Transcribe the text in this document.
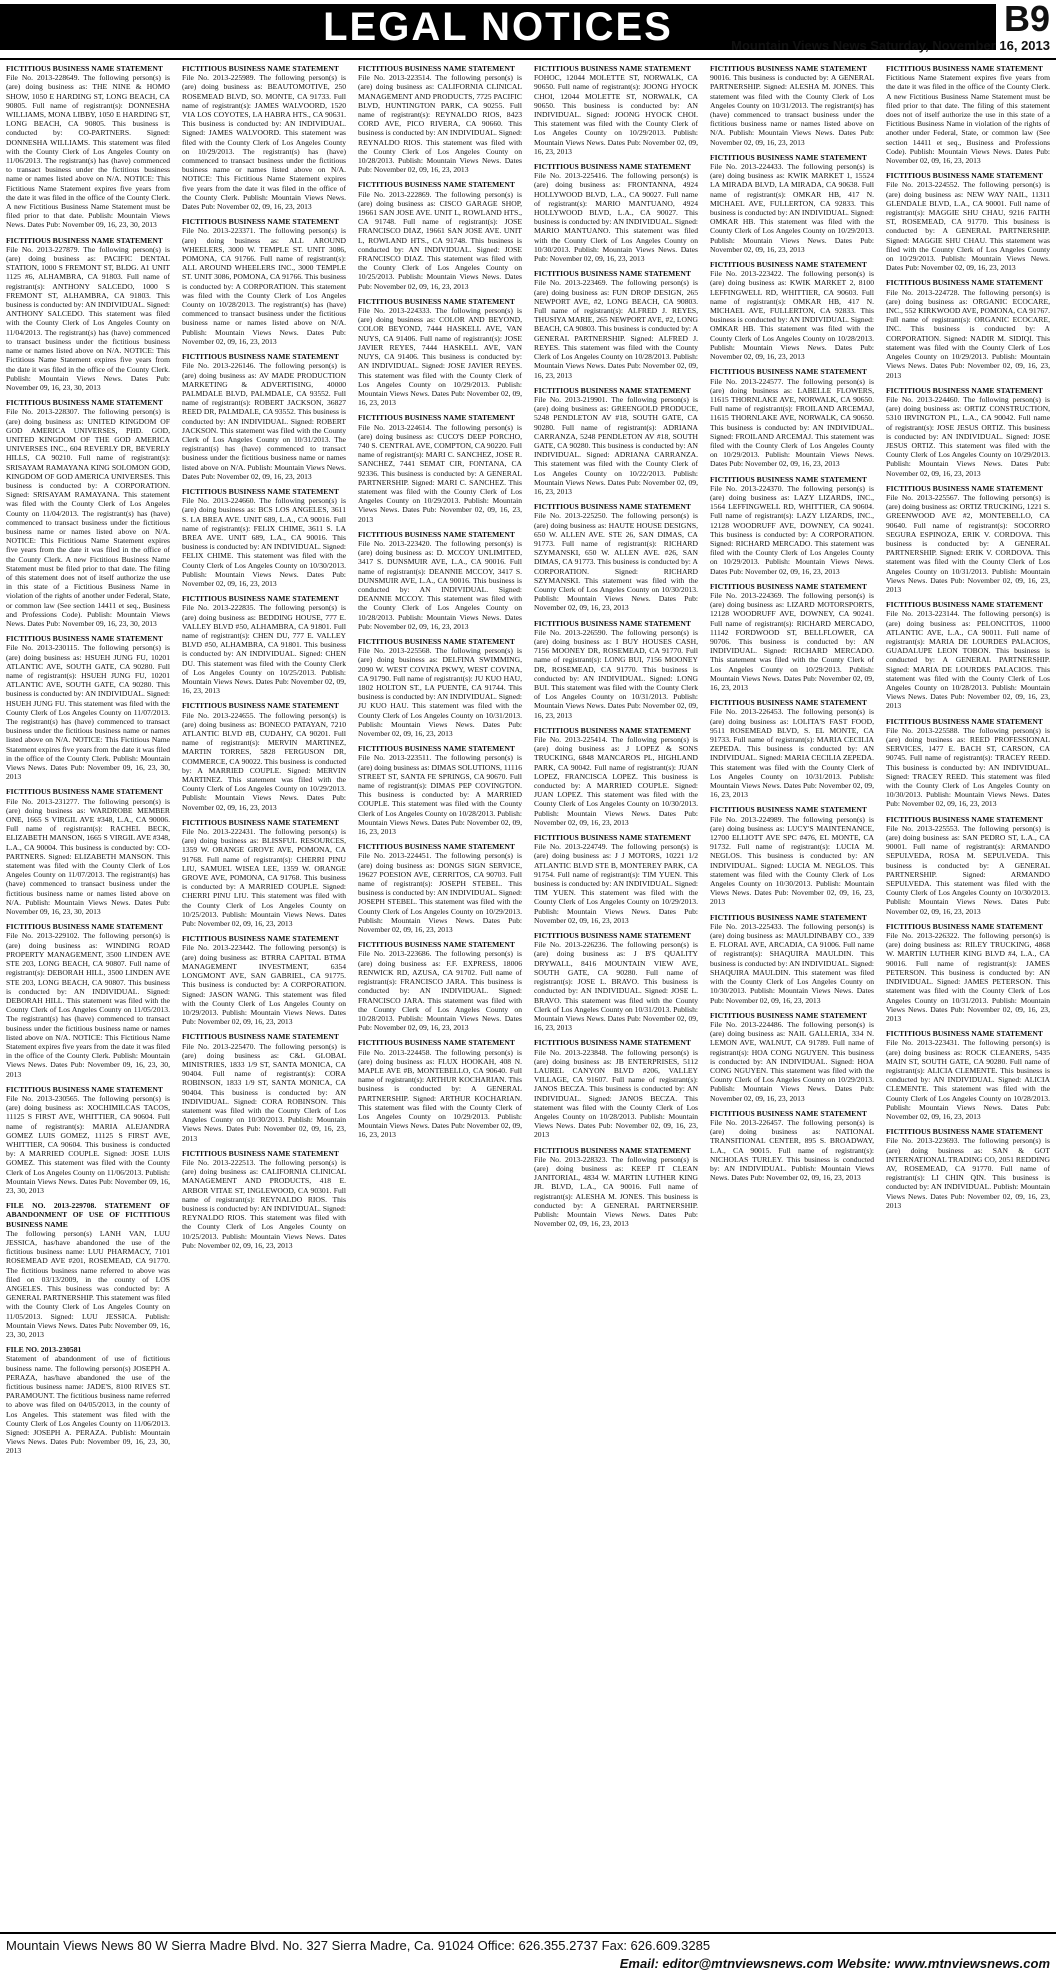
LEGAL NOTICES	B9
Mountain Views News Saturday, November 16, 2013
FICTITIOUS BUSINESS NAME STATEMENT
File No. 2013-228649. The following person(s) is (are) doing business as: THE NINE & HOMO SHOW, 1050 E HARDING ST, LONG BEACH, CA 90805. Full name of registrant(s): DONNESHA WILLIAMS, MONA LIBBY, 1050 E HARDING ST, LONG BEACH, CA 90805. This business is conducted by: CO-PARTNERS. Signed: DONNESHA WILLIAMS. This statement was filed with the County Clerk of Los Angeles County on 11/06/2013. The registrant(s) has (have) commenced to transact business under the fictitious business name or names listed above on N/A. NOTICE: This Fictitious Name Statement expires five years from the date it was filed in the office of the County Clerk. A new Fictitious Business Name Statement must be filed prior to that date. Publish: Mountain Views News. Dates Pub: November 09, 16, 23, 30, 2013
FICTITIOUS BUSINESS NAME STATEMENT
File No. 2013-227879. The following person(s) is (are) doing business as: PACIFIC DENTAL STATION, 1000 S FREMONT ST, BLDG. A1 UNIT 1125 #6, ALHAMBRA, CA 91803. Full name of registrant(s): ANTHONY SALCEDO, 1000 S FREMONT ST, ALHAMBRA, CA 91803. This business is conducted by: AN INDIVIDUAL. Signed: ANTHONY SALCEDO. This statement was filed with the County Clerk of Los Angeles County on 11/04/2013. The registrant(s) has (have) commenced to transact business under the fictitious business name or names listed above on N/A. NOTICE: This Fictitious Name Statement expires five years from the date it was filed in the office of the County Clerk. Publish: Mountain Views News. Dates Pub: November 09, 16, 23, 30, 2013
FICTITIOUS BUSINESS NAME STATEMENT
File No. 2013-228307. The following person(s) is (are) doing business as: UNITED KINGDOM OF GOD AMERICA UNIVERSES, PHD. GOD, UNITED KINGDOM OF THE GOD AMERICA UNIVERSES INC., 604 REVERLY DR, BEVERLY HILLS, CA 90210. Full name of registrant(s): SRISAYAM RAMAYANA KING SOLOMON GOD, KINGDOM OF GOD AMERICA UNIVERSES. This business is conducted by: A CORPORATION. Signed: SRISAYAM RAMAYANA. This statement was filed with the County Clerk of Los Angeles County on 11/04/2013. The registrant(s) has (have) commenced to transact business under the fictitious business name or names listed above on N/A. NOTICE: This Fictitious Name Statement expires five years from the date it was filed in the office of the County Clerk. A new Fictitious Business Name Statement must be filed prior to that date. The filing of this statement does not of itself authorize the use in this state of a Fictitious Business Name in violation of the rights of another under Federal, State, or common law (See section 14411 et seq., Business and Professions Code). Publish: Mountain Views News. Dates Pub: November 09, 16, 23, 30, 2013
FICTITIOUS BUSINESS NAME STATEMENT
File No. 2013-230115. The following person(s) is (are) doing business as: HSUEH JUNG FU, 10201 ATLANTIC AVE, SOUTH GATE, CA 90280. Full name of registrant(s): HSUEH JUNG FU, 10201 ATLANTIC AVE, SOUTH GATE, CA 90280. This business is conducted by: AN INDIVIDUAL. Signed: HSUEH JUNG FU. This statement was filed with the County Clerk of Los Angeles County on 11/07/2013. The registrant(s) has (have) commenced to transact business under the fictitious business name or names listed above on N/A. NOTICE: This Fictitious Name Statement expires five years from the date it was filed in the office of the County Clerk. Publish: Mountain Views News. Dates Pub: November 09, 16, 23, 30, 2013
FICTITIOUS BUSINESS NAME STATEMENT
File No. 2013-231277. The following person(s) is (are) doing business as: WARDROBE MEMBER ONE, 1665 S VIRGIL AVE #348, L.A., CA 90006. Full name of registrant(s): RACHEL BECK, ELIZABETH MANSON, 1665 S VIRGIL AVE #348, L.A., CA 90004. This business is conducted by: CO-PARTNERS. Signed: ELIZABETH MANSON. This statement was filed with the County Clerk of Los Angeles County on 11/07/2013. The registrant(s) has (have) commenced to transact business under the fictitious business name or names listed above on N/A. Publish: Mountain Views News. Dates Pub: November 09, 16, 23, 30, 2013
FICTITIOUS BUSINESS NAME STATEMENT
File No. 2013-229102. The following person(s) is (are) doing business as: WINDING ROAD PROPERTY MANAGEMENT, 3500 LINDEN AVE STE 203, LONG BEACH, CA 90807. Full name of registrant(s): DEBORAH HILL, 3500 LINDEN AVE STE 203, LONG BEACH, CA 90807. This business is conducted by: AN INDIVIDUAL. Signed: DEBORAH HILL. This statement was filed with the County Clerk of Los Angeles County on 11/05/2013. The registrant(s) has (have) commenced to transact business under the fictitious business name or names listed above on N/A. NOTICE: This Fictitious Name Statement expires five years from the date it was filed in the office of the County Clerk. Publish: Mountain Views News. Dates Pub: November 09, 16, 23, 30, 2013
FICTITIOUS BUSINESS NAME STATEMENT
File No. 2013-230565. The following person(s) is (are) doing business as: XOCHIMILCAS TACOS, 11125 S FIRST AVE, WHITTIER, CA 90604. Full name of registrant(s): MARIA ALEJANDRA GOMEZ LUIS GOMEZ, 11125 S FIRST AVE, WHITTIER, CA 90604. This business is conducted by: A MARRIED COUPLE. Signed: JOSE LUIS GOMEZ. This statement was filed with the County Clerk of Los Angeles County on 11/06/2013. Publish: Mountain Views News. Dates Pub: November 09, 16, 23, 30, 2013
FILE NO. 2013-229708. STATEMENT OF ABANDONMENT OF USE OF FICTITIOUS BUSINESS NAME
The following person(s) LANH VAN, LUU JESSICA, has/have abandoned the use of the fictitious business name: LUU PHARMACY, 7101 ROSEMEAD AVE #201, ROSEMEAD, CA 91770. The fictitious business name referred to above was filed on 03/13/2009, in the county of LOS ANGELES. This business was conducted by: A GENERAL PARTNERSHIP. This statement was filed with the County Clerk of Los Angeles County on 11/05/2013. Signed: LUU JESSICA. Publish: Mountain Views News. Dates Pub: November 09, 16, 23, 30, 2013
FILE NO. 2013-230581
Statement of abandonment of use of fictitious business name. The following person(s) JOSEPH A. PERAZA, has/have abandoned the use of the fictitious business name: JADE'S, 8100 RIVES ST. PARAMOUNT. The fictitious business name referred to above was filed on 04/05/2013, in the county of Los Angeles. This statement was filed with the County Clerk of Los Angeles County on 11/06/2013. Signed: JOSEPH A. PERAZA. Publish: Mountain Views News. Dates Pub: November 09, 16, 23, 30, 2013
FICTITIOUS BUSINESS NAME STATEMENT
File No. 2013-225989. The following person(s) is (are) doing business as: BEAUTOMOTIVE, 250 ROSEMEAD BLVD, SO. MONTE, CA 91733. Full name of registrant(s): JAMES WALVOORD, 1520 VIA LOS COYOTES, LA HABRA HTS., CA 90631. This business is conducted by: AN INDIVIDUAL. Signed: JAMES WALVOORD. This statement was filed with the County Clerk of Los Angeles County on 10/29/2013. The registrant(s) has (have) commenced to transact business under the fictitious business name or names listed above on N/A. NOTICE: This Fictitious Name Statement expires five years from the date it was filed in the office of the County Clerk. Publish: Mountain Views News. Dates Pub: November 02, 09, 16, 23, 2013
FICTITIOUS BUSINESS NAME STATEMENT
File No. 2013-223371. The following person(s) is (are) doing business as: ALL AROUND WHEELERS, 3000 W. TEMPLE ST. UNIT 3086, POMONA, CA 91766. Full name of registrant(s): ALL AROUND WHEELERS INC., 3000 TEMPLE ST. UNIT 3086, POMONA, CA 91766. This business is conducted by: A CORPORATION. This statement was filed with the County Clerk of Los Angeles County on 10/28/2013. The registrant(s) has (have) commenced to transact business under the fictitious business name or names listed above on N/A. Publish: Mountain Views News. Dates Pub: November 02, 09, 16, 23, 2013
FICTITIOUS BUSINESS NAME STATEMENT
File No. 2013-226146. The following person(s) is (are) doing business as: AV MADE PRODUCTION MARKETING & ADVERTISING, 40000 PALMDALE BLVD, PALMDALE, CA 93552. Full name of registrant(s): ROBERT JACKSON, 36827 REED DR, PALMDALE, CA 93552. This business is conducted by: AN INDIVIDUAL. Signed: ROBERT JACKSON. This statement was filed with the County Clerk of Los Angeles County on 10/31/2013. The registrant(s) has (have) commenced to transact business under the fictitious business name or names listed above on N/A. Publish: Mountain Views News. Dates Pub: November 02, 09, 16, 23, 2013
FICTITIOUS BUSINESS NAME STATEMENT
File No. 2013-224660. The following person(s) is (are) doing business as: BCS LOS ANGELES, 3611 S. LA BREA AVE. UNIT 689, L.A., CA 90016. Full name of registrant(s): FELIX CHIME, 3611 S. LA BREA AVE. UNIT 689, L.A., CA 90016. This business is conducted by: AN INDIVIDUAL. Signed: FELIX CHIME. This statement was filed with the County Clerk of Los Angeles County on 10/30/2013. Publish: Mountain Views News. Dates Pub: November 02, 09, 16, 23, 2013
FICTITIOUS BUSINESS NAME STATEMENT
File No. 2013-222835. The following person(s) is (are) doing business as: BEDDING HOUSE, 777 E. VALLEY BLVD #50, ALHAMBRA, CA 91801. Full name of registrant(s): CHEN DU, 777 E. VALLEY BLVD #50, ALHAMBRA, CA 91801. This business is conducted by: AN INDIVIDUAL. Signed: CHEN DU. This statement was filed with the County Clerk of Los Angeles County on 10/25/2013. Publish: Mountain Views News. Dates Pub: November 02, 09, 16, 23, 2013
FICTITIOUS BUSINESS NAME STATEMENT
File No. 2013-224655. The following person(s) is (are) doing business as: BONECO PATAYAN, 7210 ATLANTIC BLVD #B, CUDAHY, CA 90201. Full name of registrant(s): MERVIN MARTINEZ, MARTIN TORRES, 5828 FERGUSON DR, COMMERCE, CA 90022. This business is conducted by: A MARRIED COUPLE. Signed: MERVIN MARTINEZ. This statement was filed with the County Clerk of Los Angeles County on 10/29/2013. Publish: Mountain Views News. Dates Pub: November 02, 09, 16, 23, 2013
FICTITIOUS BUSINESS NAME STATEMENT
File No. 2013-222431. The following person(s) is (are) doing business as: BLISSFUL RESOURCES, 1359 W. ORANGE GROVE AVE, POMONA, CA 91768. Full name of registrant(s): CHERRI PINU LIU, SAMUEL WISEA LEE, 1359 W. ORANGE GROVE AVE, POMONA, CA 91768. This business is conducted by: A MARRIED COUPLE. Signed: CHERRI PINU LIU. This statement was filed with the County Clerk of Los Angeles County on 10/25/2013. Publish: Mountain Views News. Dates Pub: November 02, 09, 16, 23, 2013
FICTITIOUS BUSINESS NAME STATEMENT
File No. 2013-223442. The following person(s) is (are) doing business as: BTRRA CAPITAL BTMA MANAGEMENT INVESTMENT, 6354 LONGMONT AVE, SAN GABRIEL, CA 91775. This business is conducted by: A CORPORATION. Signed: JASON WANG. This statement was filed with the County Clerk of Los Angeles County on 10/29/2013. Publish: Mountain Views News. Dates Pub: November 02, 09, 16, 23, 2013
FICTITIOUS BUSINESS NAME STATEMENT
File No. 2013-225470. The following person(s) is (are) doing business as: C&L GLOBAL MINISTRIES, 1833 1/9 ST, SANTA MONICA, CA 90404. Full name of registrant(s): CORA ROBINSON, 1833 1/9 ST, SANTA MONICA, CA 90404. This business is conducted by: AN INDIVIDUAL. Signed: CORA ROBINSON. This statement was filed with the County Clerk of Los Angeles County on 10/30/2013. Publish: Mountain Views News. Dates Pub: November 02, 09, 16, 23, 2013
FICTITIOUS BUSINESS NAME STATEMENT
File No. 2013-222513. The following person(s) is (are) doing business as: CALIFORNIA CLINICAL MANAGEMENT AND PRODUCTS, 418 E. ARBOR VITAE ST, INGLEWOOD, CA 90301. Full name of registrant(s): REYNALDO RIOS. This business is conducted by: AN INDIVIDUAL. Signed: REYNALDO RIOS. This statement was filed with the County Clerk of Los Angeles County on 10/25/2013. Publish: Mountain Views News. Dates Pub: November 02, 09, 16, 23, 2013
FICTITIOUS BUSINESS NAME STATEMENT
File No. 2013-223514. The following person(s) is (are) doing business as: CALIFORNIA CLINICAL MANAGEMENT AND PRODUCTS, 7725 PACIFIC BLVD, HUNTINGTON PARK, CA 90255. Full name of registrant(s): REYNALDO RIOS, 8423 CORD AVE, PICO RIVERA, CA 90660. This business is conducted by: AN INDIVIDUAL. Signed: REYNALDO RIOS. This statement was filed with the County Clerk of Los Angeles County on 10/28/2013. Publish: Mountain Views News. Dates Pub: November 02, 09, 16, 23, 2013
FICTITIOUS BUSINESS NAME STATEMENT
File No. 2013-222869. The following person(s) is (are) doing business as: CISCO GARAGE SHOP, 19661 SAN JOSE AVE. UNIT L, ROWLAND HTS., CA 91748. Full name of registrant(s): JOSE FRANCISCO DIAZ, 19661 SAN JOSE AVE. UNIT L, ROWLAND HTS., CA 91748. This business is conducted by: AN INDIVIDUAL. Signed: JOSE FRANCISCO DIAZ. This statement was filed with the County Clerk of Los Angeles County on 10/25/2013. Publish: Mountain Views News. Dates Pub: November 02, 09, 16, 23, 2013
FICTITIOUS BUSINESS NAME STATEMENT
File No. 2013-224333. The following person(s) is (are) doing business as: COLOR AND BEYOND, COLOR BEYOND, 7444 HASKELL AVE, VAN NUYS, CA 91406. Full name of registrant(s): JOSE JAVIER REYES, 7444 HASKELL AVE, VAN NUYS, CA 91406. This business is conducted by: AN INDIVIDUAL. Signed: JOSE JAVIER REYES. This statement was filed with the County Clerk of Los Angeles County on 10/29/2013. Publish: Mountain Views News. Dates Pub: November 02, 09, 16, 23, 2013
FICTITIOUS BUSINESS NAME STATEMENT
File No. 2013-224614. The following person(s) is (are) doing business as: CUCO'S DEEP PORCHO, 740 S. CENTRAL AVE, COMPTON, CA 90220. Full name of registrant(s): MARI C. SANCHEZ, JOSE R. SANCHEZ, 7441 SEMAT CIR, FONTANA, CA 92336. This business is conducted by: A GENERAL PARTNERSHIP. Signed: MARI C. SANCHEZ. This statement was filed with the County Clerk of Los Angeles County on 10/29/2013. Publish: Mountain Views News. Dates Pub: November 02, 09, 16, 23, 2013
FICTITIOUS BUSINESS NAME STATEMENT
File No. 2013-223420. The following person(s) is (are) doing business as: D. MCCOY UNLIMITED, 3417 S. DUNSMUIR AVE, L.A., CA 90016. Full name of registrant(s): DEANNIE MCCOY, 3417 S. DUNSMUIR AVE, L.A., CA 90016. This business is conducted by: AN INDIVIDUAL. Signed: DEANNIE MCCOY. This statement was filed with the County Clerk of Los Angeles County on 10/28/2013. Publish: Mountain Views News. Dates Pub: November 02, 09, 16, 23, 2013
FICTITIOUS BUSINESS NAME STATEMENT
File No. 2013-225568. The following person(s) is (are) doing business as: DELFINA SWIMMING, 2090 W. WEST COVINA PKWY, WEST COVINA, CA 91790. Full name of registrant(s): JU KUO HAU, 1802 HOLTON ST., LA PUENTE, CA 91744. This business is conducted by: AN INDIVIDUAL. Signed: JU KUO HAU. This statement was filed with the County Clerk of Los Angeles County on 10/31/2013. Publish: Mountain Views News. Dates Pub: November 02, 09, 16, 23, 2013
FICTITIOUS BUSINESS NAME STATEMENT
File No. 2013-223511. The following person(s) is (are) doing business as: DIMAS SOLUTIONS, 11116 STREET ST, SANTA FE SPRINGS, CA 90670. Full name of registrant(s): DIMAS PEP COVINGTON. This business is conducted by: A MARRIED COUPLE. This statement was filed with the County Clerk of Los Angeles County on 10/28/2013. Publish: Mountain Views News. Dates Pub: November 02, 09, 16, 23, 2013
FICTITIOUS BUSINESS NAME STATEMENT
File No. 2013-224451. The following person(s) is (are) doing business as: DONGS SIGN SERVICE, 19627 POESION AVE, CERRITOS, CA 90703. Full name of registrant(s): JOSEPH STEBEL. This business is conducted by: AN INDIVIDUAL. Signed: JOSEPH STEBEL. This statement was filed with the County Clerk of Los Angeles County on 10/29/2013. Publish: Mountain Views News. Dates Pub: November 02, 09, 16, 23, 2013
FICTITIOUS BUSINESS NAME STATEMENT
File No. 2013-223686. The following person(s) is (are) doing business as: F.F. EXPRESS, 18006 RENWICK RD, AZUSA, CA 91702. Full name of registrant(s): FRANCISCO JARA. This business is conducted by: AN INDIVIDUAL. Signed: FRANCISCO JARA. This statement was filed with the County Clerk of Los Angeles County on 10/28/2013. Publish: Mountain Views News. Dates Pub: November 02, 09, 16, 23, 2013
FICTITIOUS BUSINESS NAME STATEMENT
File No. 2013-224458. The following person(s) is (are) doing business as: FLUX HOOKAH, 408 N. MAPLE AVE #B, MONTEBELLO, CA 90640. Full name of registrant(s): ARTHUR KOCHARIAN. This business is conducted by: A GENERAL PARTNERSHIP. Signed: ARTHUR KOCHARIAN. This statement was filed with the County Clerk of Los Angeles County on 10/29/2013. Publish: Mountain Views News. Dates Pub: November 02, 09, 16, 23, 2013
FICTITIOUS BUSINESS NAME STATEMENT
FOHOC, 12044 MOLETTE ST, NORWALK, CA 90650. Full name of registrant(s): JOONG HYOCK CHOI, 12044 MOLETTE ST, NORWALK, CA 90650. This business is conducted by: AN INDIVIDUAL. Signed: JOONG HYOCK CHOI. This statement was filed with the County Clerk of Los Angeles County on 10/29/2013. Publish: Mountain Views News. Dates Pub: November 02, 09, 16, 23, 2013
FICTITIOUS BUSINESS NAME STATEMENT
File No. 2013-225416. The following person(s) is (are) doing business as: FRONTANNA, 4924 HOLLYWOOD BLVD, L.A., CA 90027. Full name of registrant(s): MARIO MANTUANO, 4924 HOLLYWOOD BLVD, L.A., CA 90027. This business is conducted by: AN INDIVIDUAL. Signed: MARIO MANTUANO. This statement was filed with the County Clerk of Los Angeles County on 10/30/2013. Publish: Mountain Views News. Dates Pub: November 02, 09, 16, 23, 2013
FICTITIOUS BUSINESS NAME STATEMENT
File No. 2013-223469. The following person(s) is (are) doing business as: FUN DROP DESIGN, 265 NEWPORT AVE, #2, LONG BEACH, CA 90803. Full name of registrant(s): ALFRED J. REYES, THUSIYA MARIE, 265 NEWPORT AVE, #2, LONG BEACH, CA 90803. This business is conducted by: A GENERAL PARTNERSHIP. Signed: ALFRED J. REYES. This statement was filed with the County Clerk of Los Angeles County on 10/28/2013. Publish: Mountain Views News. Dates Pub: November 02, 09, 16, 23, 2013
FICTITIOUS BUSINESS NAME STATEMENT
File No. 2013-219901. The following person(s) is (are) doing business as: GREENGOLD PRODUCE, 5248 PENDLETON AV #18, SOUTH GATE, CA 90280. Full name of registrant(s): ADRIANA CARRANZA, 5248 PENDLETON AV #18, SOUTH GATE, CA 90280. This business is conducted by: AN INDIVIDUAL. Signed: ADRIANA CARRANZA. This statement was filed with the County Clerk of Los Angeles County on 10/22/2013. Publish: Mountain Views News. Dates Pub: November 02, 09, 16, 23, 2013
FICTITIOUS BUSINESS NAME STATEMENT
File No. 2013-225250. The following person(s) is (are) doing business as: HAUTE HOUSE DESIGNS, 650 W. ALLEN AVE. STE 26, SAN DIMAS, CA 91773. Full name of registrant(s): RICHARD SZYMANSKI, 650 W. ALLEN AVE. #26, SAN DIMAS, CA 91773. This business is conducted by: A CORPORATION. Signed: RICHARD SZYMANSKI. This statement was filed with the County Clerk of Los Angeles County on 10/30/2013. Publish: Mountain Views News. Dates Pub: November 02, 09, 16, 23, 2013
FICTITIOUS BUSINESS NAME STATEMENT
File No. 2013-226590. The following person(s) is (are) doing business as: I BUY HOUSES CASH, 7156 MOONEY DR, ROSEMEAD, CA 91770. Full name of registrant(s): LONG BUI, 7156 MOONEY DR, ROSEMEAD, CA 91770. This business is conducted by: AN INDIVIDUAL. Signed: LONG BUI. This statement was filed with the County Clerk of Los Angeles County on 10/31/2013. Publish: Mountain Views News. Dates Pub: November 02, 09, 16, 23, 2013
FICTITIOUS BUSINESS NAME STATEMENT
File No. 2013-225414. The following person(s) is (are) doing business as: J LOPEZ & SONS TRUCKING, 6848 MANCAROS PL, HIGHLAND PARK, CA 90042. Full name of registrant(s): JUAN LOPEZ, FRANCISCA LOPEZ. This business is conducted by: A MARRIED COUPLE. Signed: JUAN LOPEZ. This statement was filed with the County Clerk of Los Angeles County on 10/30/2013. Publish: Mountain Views News. Dates Pub: November 02, 09, 16, 23, 2013
FICTITIOUS BUSINESS NAME STATEMENT
File No. 2013-224749. The following person(s) is (are) doing business as: J J MOTORS, 10221 1/2 ATLANTIC BLVD STE B, MONTEREY PARK, CA 91754. Full name of registrant(s): TIM YUEN. This business is conducted by: AN INDIVIDUAL. Signed: TIM YUEN. This statement was filed with the County Clerk of Los Angeles County on 10/29/2013. Publish: Mountain Views News. Dates Pub: November 02, 09, 16, 23, 2013
FICTITIOUS BUSINESS NAME STATEMENT
File No. 2013-226236. The following person(s) is (are) doing business as: J B'S QUALITY DRYWALL, 8416 MOUNTAIN VIEW AVE, SOUTH GATE, CA 90280. Full name of registrant(s): JOSE L. BRAVO. This business is conducted by: AN INDIVIDUAL. Signed: JOSE L. BRAVO. This statement was filed with the County Clerk of Los Angeles County on 10/31/2013. Publish: Mountain Views News. Dates Pub: November 02, 09, 16, 23, 2013
FICTITIOUS BUSINESS NAME STATEMENT
File No. 2013-223848. The following person(s) is (are) doing business as: JB ENTERPRISES, 5112 LAUREL CANYON BLVD #206, VALLEY VILLAGE, CA 91607. Full name of registrant(s): JANOS BECZA. This business is conducted by: AN INDIVIDUAL. Signed: JANOS BECZA. This statement was filed with the County Clerk of Los Angeles County on 10/28/2013. Publish: Mountain Views News. Dates Pub: November 02, 09, 16, 23, 2013
FICTITIOUS BUSINESS NAME STATEMENT
File No. 2013-228323. The following person(s) is (are) doing business as: KEEP IT CLEAN JANITORIAL, 4834 W. MARTIN LUTHER KING JR. BLVD, L.A., CA 90016. Full name of registrant(s): ALESHA M. JONES. This business is conducted by: A GENERAL PARTNERSHIP. Publish: Mountain Views News. Dates Pub: November 02, 09, 16, 23, 2013
FICTITIOUS BUSINESS NAME STATEMENT
90016. This business is conducted by: A GENERAL PARTNERSHIP. Signed: ALESHA M. JONES. This statement was filed with the County Clerk of Los Angeles County on 10/31/2013. The registrant(s) has (have) commenced to transact business under the fictitious business name or names listed above on N/A. Publish: Mountain Views News. Dates Pub: November 02, 09, 16, 23, 2013
FICTITIOUS BUSINESS NAME STATEMENT
File No. 2013-224433. The following person(s) is (are) doing business as: KWIK MARKET 1, 15524 LA MIRADA BLVD, LA MIRADA, CA 90638. Full name of registrant(s): OMKAR HB, 417 N. MICHAEL AVE, FULLERTON, CA 92833. This business is conducted by: AN INDIVIDUAL. Signed: OMKAR HB. This statement was filed with the County Clerk of Los Angeles County on 10/29/2013. Publish: Mountain Views News. Dates Pub: November 02, 09, 16, 23, 2013
FICTITIOUS BUSINESS NAME STATEMENT
File No. 2013-223422. The following person(s) is (are) doing business as: KWIK MARKET 2, 8100 LEFFINGWELL RD, WHITTIER, CA 90603. Full name of registrant(s): OMKAR HB, 417 N. MICHAEL AVE, FULLERTON, CA 92833. This business is conducted by: AN INDIVIDUAL. Signed: OMKAR HB. This statement was filed with the County Clerk of Los Angeles County on 10/28/2013. Publish: Mountain Views News. Dates Pub: November 02, 09, 16, 23, 2013
FICTITIOUS BUSINESS NAME STATEMENT
File No. 2013-224577. The following person(s) is (are) doing business as: LABELLE FLOWERS, 11615 THORNLAKE AVE, NORWALK, CA 90650. Full name of registrant(s): FROILAND ARCEMAJ, 11615 THORNLAKE AVE, NORWALK, CA 90650. This business is conducted by: AN INDIVIDUAL. Signed: FROILAND ARCEMAJ. This statement was filed with the County Clerk of Los Angeles County on 10/29/2013. Publish: Mountain Views News. Dates Pub: November 02, 09, 16, 23, 2013
FICTITIOUS BUSINESS NAME STATEMENT
File No. 2013-224370. The following person(s) is (are) doing business as: LAZY LIZARDS, INC., 1564 LEFFINGWELL RD, WHITTIER, CA 90604. Full name of registrant(s): LAZY LIZARDS, INC., 12128 WOODRUFF AVE, DOWNEY, CA 90241. This business is conducted by: A CORPORATION. Signed: RICHARD MERCADO. This statement was filed with the County Clerk of Los Angeles County on 10/29/2013. Publish: Mountain Views News. Dates Pub: November 02, 09, 16, 23, 2013
FICTITIOUS BUSINESS NAME STATEMENT
File No. 2013-224369. The following person(s) is (are) doing business as: LIZARD MOTORSPORTS, 12128 WOODRUFF AVE, DOWNEY, CA 90241. Full name of registrant(s): RICHARD MERCADO, 11142 FORDWOOD ST, BELLFLOWER, CA 90706. This business is conducted by: AN INDIVIDUAL. Signed: RICHARD MERCADO. This statement was filed with the County Clerk of Los Angeles County on 10/29/2013. Publish: Mountain Views News. Dates Pub: November 02, 09, 16, 23, 2013
FICTITIOUS BUSINESS NAME STATEMENT
File No. 2013-226453. The following person(s) is (are) doing business as: LOLITA'S FAST FOOD, 9511 ROSEMEAD BLVD, S. EL MONTE, CA 91733. Full name of registrant(s): MARIA CECILIA ZEPEDA. This business is conducted by: AN INDIVIDUAL. Signed: MARIA CECILIA ZEPEDA. This statement was filed with the County Clerk of Los Angeles County on 10/31/2013. Publish: Mountain Views News. Dates Pub: November 02, 09, 16, 23, 2013
FICTITIOUS BUSINESS NAME STATEMENT
File No. 2013-224989. The following person(s) is (are) doing business as: LUCY'S MAINTENANCE, 12700 ELLIOTT AVE SPC #476, EL MONTE, CA 91732. Full name of registrant(s): LUCIA M. NEGLOS. This business is conducted by: AN INDIVIDUAL. Signed: LUCIA M. NEGLOS. This statement was filed with the County Clerk of Los Angeles County on 10/30/2013. Publish: Mountain Views News. Dates Pub: November 02, 09, 16, 23, 2013
FICTITIOUS BUSINESS NAME STATEMENT
File No. 2013-225433. The following person(s) is (are) doing business as: MAULDINBABY CO., 339 E. FLORAL AVE, ARCADIA, CA 91006. Full name of registrant(s): SHAQUIRA MAULDIN. This business is conducted by: AN INDIVIDUAL. Signed: SHAQUIRA MAULDIN. This statement was filed with the County Clerk of Los Angeles County on 10/30/2013. Publish: Mountain Views News. Dates Pub: November 02, 09, 16, 23, 2013
FICTITIOUS BUSINESS NAME STATEMENT
File No. 2013-224486. The following person(s) is (are) doing business as: NAIL GALLERIA, 334 N. LEMON AVE, WALNUT, CA 91789. Full name of registrant(s): HOA CONG NGUYEN. This business is conducted by: AN INDIVIDUAL. Signed: HOA CONG NGUYEN. This statement was filed with the County Clerk of Los Angeles County on 10/29/2013. Publish: Mountain Views News. Dates Pub: November 02, 09, 16, 23, 2013
FICTITIOUS BUSINESS NAME STATEMENT
File No. 2013-226457. The following person(s) is (are) doing business as: NATIONAL TRANSITIONAL CENTER, 895 S. BROADWAY, L.A., CA 90015. Full name of registrant(s): NICHOLAS TURLEY. This business is conducted by: AN INDIVIDUAL. Publish: Mountain Views News. Dates Pub: November 02, 09, 16, 23, 2013
FICTITIOUS BUSINESS NAME STATEMENT
Fictitious Name Statement expires five years from the date it was filed in the office of the County Clerk. A new Fictitious Business Name Statement must be filed prior to that date. The filing of this statement does not of itself authorize the use in this state of a Fictitious Business Name in violation of the rights of another under Federal, State, or common law (See section 14411 et seq., Business and Professions Code). Publish: Mountain Views News. Dates Pub: November 02, 09, 16, 23, 2013
FICTITIOUS BUSINESS NAME STATEMENT
File No. 2013-224552. The following person(s) is (are) doing business as: NEW WAY NAIL, 11311 GLENDALE BLVD, L.A., CA 90001. Full name of registrant(s): MAGGIE SHU CHAU, 9216 FAITH ST, ROSEMEAD, CA 91770. This business is conducted by: A GENERAL PARTNERSHIP. Signed: MAGGIE SHU CHAU. This statement was filed with the County Clerk of Los Angeles County on 10/29/2013. Publish: Mountain Views News. Dates Pub: November 02, 09, 16, 23, 2013
FICTITIOUS BUSINESS NAME STATEMENT
File No. 2013-224728. The following person(s) is (are) doing business as: ORGANIC ECOCARE, INC., 552 KIRKWOOD AVE, POMONA, CA 91767. Full name of registrant(s): ORGANIC ECOCARE, INC. This business is conducted by: A CORPORATION. Signed: NADIR M. SIDIQI. This statement was filed with the County Clerk of Los Angeles County on 10/29/2013. Publish: Mountain Views News. Dates Pub: November 02, 09, 16, 23, 2013
FICTITIOUS BUSINESS NAME STATEMENT
File No. 2013-224460. The following person(s) is (are) doing business as: ORTIZ CONSTRUCTION, 5310 IRVINGTON PL, L.A., CA 90042. Full name of registrant(s): JOSE JESUS ORTIZ. This business is conducted by: AN INDIVIDUAL. Signed: JOSE JESUS ORTIZ. This statement was filed with the County Clerk of Los Angeles County on 10/29/2013. Publish: Mountain Views News. Dates Pub: November 02, 09, 16, 23, 2013
FICTITIOUS BUSINESS NAME STATEMENT
File No. 2013-225567. The following person(s) is (are) doing business as: ORTIZ TRUCKING, 1221 S. GREENWOOD AVE #2, MONTEBELLO, CA 90640. Full name of registrant(s): SOCORRO SEGURA ESPINOZA, ERIK V. CORDOVA. This business is conducted by: A GENERAL PARTNERSHIP. Signed: ERIK V. CORDOVA. This statement was filed with the County Clerk of Los Angeles County on 10/31/2013. Publish: Mountain Views News. Dates Pub: November 02, 09, 16, 23, 2013
FICTITIOUS BUSINESS NAME STATEMENT
File No. 2013-223144. The following person(s) is (are) doing business as: PELONCITOS, 11000 ATLANTIC AVE, L.A., CA 90011. Full name of registrant(s): MARIA DE LOURDES PALACIOS, GUADALUPE LEON TOBON. This business is conducted by: A GENERAL PARTNERSHIP. Signed: MARIA DE LOURDES PALACIOS. This statement was filed with the County Clerk of Los Angeles County on 10/28/2013. Publish: Mountain Views News. Dates Pub: November 02, 09, 16, 23, 2013
FICTITIOUS BUSINESS NAME STATEMENT
File No. 2013-225588. The following person(s) is (are) doing business as: REED PROFESSIONAL SERVICES, 1477 E. BACH ST, CARSON, CA 90745. Full name of registrant(s): TRACEY REED. This business is conducted by: AN INDIVIDUAL. Signed: TRACEY REED. This statement was filed with the County Clerk of Los Angeles County on 10/30/2013. Publish: Mountain Views News. Dates Pub: November 02, 09, 16, 23, 2013
FICTITIOUS BUSINESS NAME STATEMENT
File No. 2013-225553. The following person(s) is (are) doing business as: SAN PEDRO ST, L.A., CA 90001. Full name of registrant(s): ARMANDO SEPULVEDA, ROSA M. SEPULVEDA. This business is conducted by: A GENERAL PARTNERSHIP. Signed: ARMANDO SEPULVEDA. This statement was filed with the County Clerk of Los Angeles County on 10/30/2013. Publish: Mountain Views News. Dates Pub: November 02, 09, 16, 23, 2013
FICTITIOUS BUSINESS NAME STATEMENT
File No. 2013-226322. The following person(s) is (are) doing business as: RILEY TRUCKING, 4868 W. MARTIN LUTHER KING BLVD #4, L.A., CA 90016. Full name of registrant(s): JAMES PETERSON. This business is conducted by: AN INDIVIDUAL. Signed: JAMES PETERSON. This statement was filed with the County Clerk of Los Angeles County on 10/31/2013. Publish: Mountain Views News. Dates Pub: November 02, 09, 16, 23, 2013
FICTITIOUS BUSINESS NAME STATEMENT
File No. 2013-223431. The following person(s) is (are) doing business as: ROCK CLEANERS, 5435 MAIN ST, SOUTH GATE, CA 90280. Full name of registrant(s): ALICIA CLEMENTE. This business is conducted by: AN INDIVIDUAL. Signed: ALICIA CLEMENTE. This statement was filed with the County Clerk of Los Angeles County on 10/28/2013. Publish: Mountain Views News. Dates Pub: November 02, 09, 16, 23, 2013
FICTITIOUS BUSINESS NAME STATEMENT
File No. 2013-223693. The following person(s) is (are) doing business as: SAN & GOT INTERNATIONAL TRADING CO, 2051 REDDING AV, ROSEMEAD, CA 91770. Full name of registrant(s): LI CHIN QIN. This business is conducted by: AN INDIVIDUAL. Publish: Mountain Views News. Dates Pub: November 02, 09, 16, 23, 2013
Mountain Views News 80 W Sierra Madre Blvd. No. 327 Sierra Madre, Ca. 91024 Office: 626.355.2737 Fax: 626.609.3285
Email: editor@mtnviewsnews.com Website: www.mtnviewsnews.com
